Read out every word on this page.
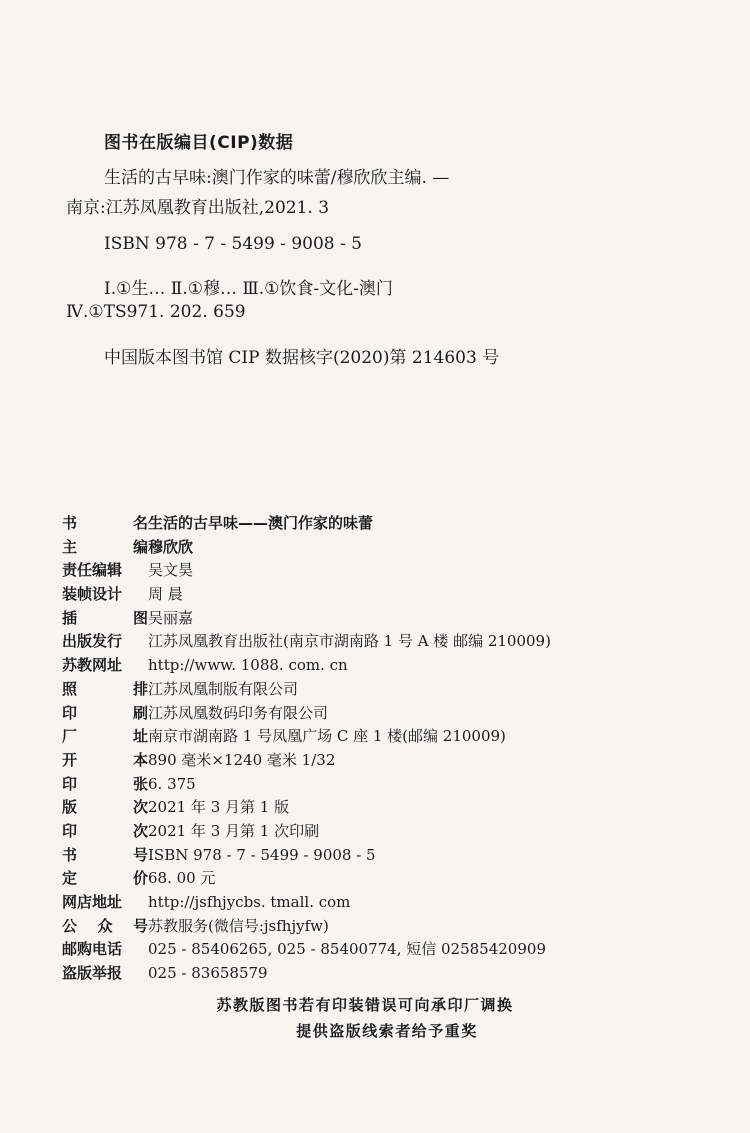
图书在版编目(CIP)数据
生活的古早味:澳门作家的味蕾/穆欣欣主编. —
南京:江苏凤凰教育出版社,2021. 3
ISBN 978 - 7 - 5499 - 9008 - 5
Ⅰ.①生… Ⅱ.①穆… Ⅲ.①饮食-文化-澳门
Ⅳ.①TS971. 202. 659
中国版本图书馆 CIP 数据核字(2020)第 214603 号
书	名 生活的古早味——澳门作家的味蕾
主	编 穆欣欣
责任编辑	吴文昊
装帧设计	周 晨
插	图 吴丽嘉
出版发行	江苏凤凰教育出版社(南京市湖南路 1 号 A 楼 邮编 210009)
苏教网址	http://www. 1088. com. cn
照	排 江苏凤凰制版有限公司
印	刷 江苏凤凰数码印务有限公司
厂	址 南京市湖南路 1 号凤凰广场 C 座 1 楼(邮编 210009)
开	本 890 毫米×1240 毫米 1/32
印	张 6. 375
版	次 2021 年 3 月第 1 版
印	次 2021 年 3 月第 1 次印刷
书	号 ISBN 978 - 7 - 5499 - 9008 - 5
定	价 68. 00 元
网店地址	http://jsfhjycbs. tmall. com
公 众 号 苏教服务(微信号:jsfhjyfw)
邮购电话	025 - 85406265, 025 - 85400774, 短信 02585420909
盗版举报	025 - 83658579
苏教版图书若有印装错误可向承印厂调换
提供盗版线索者给予重奖
